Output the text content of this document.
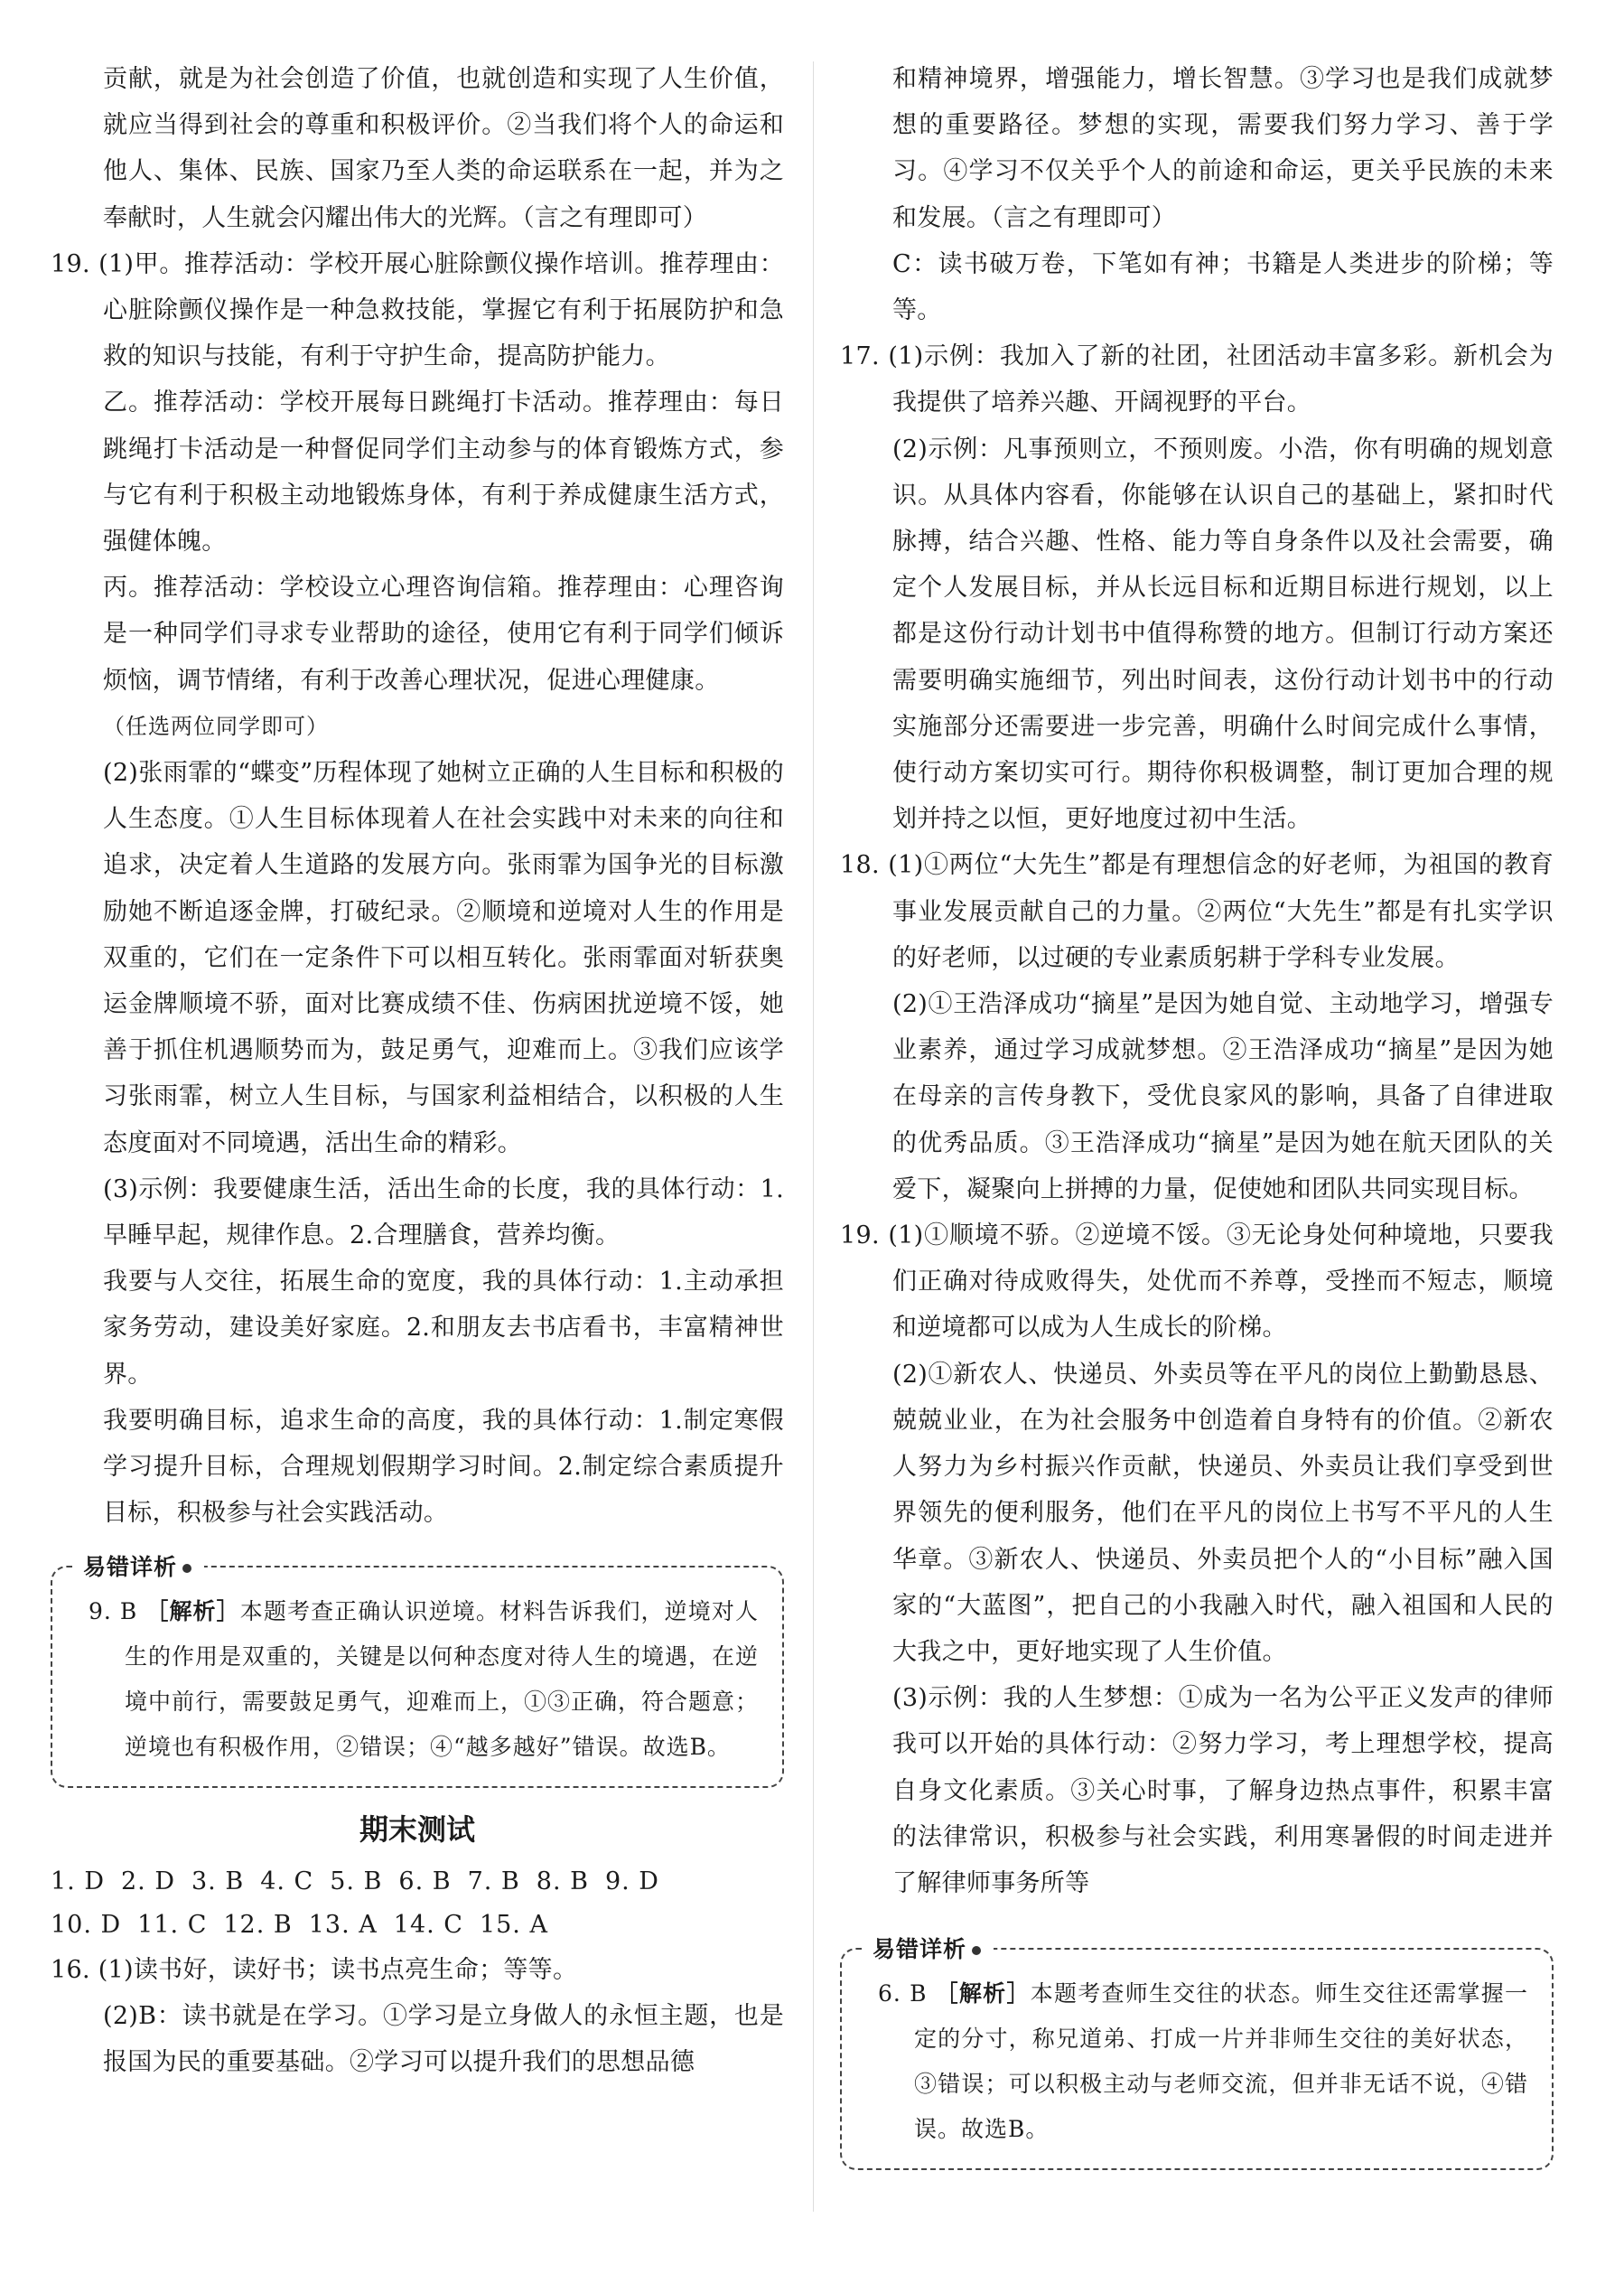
贡献，就是为社会创造了价值，也就创造和实现了人生价值，就应当得到社会的尊重和积极评价。②当我们将个人的命运和他人、集体、民族、国家乃至人类的命运联系在一起，并为之奉献时，人生就会闪耀出伟大的光辉。（言之有理即可）

19. (1)甲。推荐活动：学校开展心脏除颤仪操作培训。推荐理由：心脏除颤仪操作是一种急救技能，掌握它有利于拓展防护和急救的知识与技能，有利于守护生命，提高防护能力。

乙。推荐活动：学校开展每日跳绳打卡活动。推荐理由：每日跳绳打卡活动是一种督促同学们主动参与的体育锻炼方式，参与它有利于积极主动地锻炼身体，有利于养成健康生活方式，强健体魄。

丙。推荐活动：学校设立心理咨询信箱。推荐理由：心理咨询是一种同学们寻求专业帮助的途径，使用它有利于同学们倾诉烦恼，调节情绪，有利于改善心理状况，促进心理健康。

（任选两位同学即可）

(2)张雨霏的“蝶变”历程体现了她树立正确的人生目标和积极的人生态度。①人生目标体现着人在社会实践中对未来的向往和追求，决定着人生道路的发展方向。张雨霏为国争光的目标激励她不断追逐金牌，打破纪录。②顺境和逆境对人生的作用是双重的，它们在一定条件下可以相互转化。张雨霏面对斩获奥运金牌顺境不骄，面对比赛成绩不佳、伤病困扰逆境不馁，她善于抓住机遇顺势而为，鼓足勇气，迎难而上。③我们应该学习张雨霏，树立人生目标，与国家利益相结合，以积极的人生态度面对不同境遇，活出生命的精彩。

(3)示例：我要健康生活，活出生命的长度，我的具体行动：1.早睡早起，规律作息。2.合理膳食，营养均衡。

我要与人交往，拓展生命的宽度，我的具体行动：1.主动承担家务劳动，建设美好家庭。2.和朋友去书店看书，丰富精神世界。

我要明确目标，追求生命的高度，我的具体行动：1.制定寒假学习提升目标，合理规划假期学习时间。2.制定综合素质提升目标，积极参与社会实践活动。

易错详析

9. B ［解析］本题考查正确认识逆境。材料告诉我们，逆境对人生的作用是双重的，关键是以何种态度对待人生的境遇，在逆境中前行，需要鼓足勇气，迎难而上，①③正确，符合题意；逆境也有积极作用，②错误；④“越多越好”错误。故选B。

期末测试
1. D 2. D 3. B 4. C 5. B 6. B 7. B 8. B 9. D
10. D 11. C 12. B 13. A 14. C 15. A

16. (1)读书好，读好书；读书点亮生命；等等。

(2)B：读书就是在学习。①学习是立身做人的永恒主题，也是报国为民的重要基础。②学习可以提升我们的思想品德

和精神境界，增强能力，增长智慧。③学习也是我们成就梦想的重要路径。梦想的实现，需要我们努力学习、善于学习。④学习不仅关乎个人的前途和命运，更关乎民族的未来和发展。（言之有理即可）

C：读书破万卷，下笔如有神；书籍是人类进步的阶梯；等等。

17. (1)示例：我加入了新的社团，社团活动丰富多彩。新机会为我提供了培养兴趣、开阔视野的平台。

(2)示例：凡事预则立，不预则废。小浩，你有明确的规划意识。从具体内容看，你能够在认识自己的基础上，紧扣时代脉搏，结合兴趣、性格、能力等自身条件以及社会需要，确定个人发展目标，并从长远目标和近期目标进行规划，以上都是这份行动计划书中值得称赞的地方。但制订行动方案还需要明确实施细节，列出时间表，这份行动计划书中的行动实施部分还需要进一步完善，明确什么时间完成什么事情，使行动方案切实可行。期待你积极调整，制订更加合理的规划并持之以恒，更好地度过初中生活。

18. (1)①两位“大先生”都是有理想信念的好老师，为祖国的教育事业发展贡献自己的力量。②两位“大先生”都是有扎实学识的好老师，以过硬的专业素质躬耕于学科专业发展。

(2)①王浩泽成功“摘星”是因为她自觉、主动地学习，增强专业素养，通过学习成就梦想。②王浩泽成功“摘星”是因为她在母亲的言传身教下，受优良家风的影响，具备了自律进取的优秀品质。③王浩泽成功“摘星”是因为她在航天团队的关爱下，凝聚向上拼搏的力量，促使她和团队共同实现目标。

19. (1)①顺境不骄。②逆境不馁。③无论身处何种境地，只要我们正确对待成败得失，处优而不养尊，受挫而不短志，顺境和逆境都可以成为人生成长的阶梯。

(2)①新农人、快递员、外卖员等在平凡的岗位上勤勤恳恳、兢兢业业，在为社会服务中创造着自身特有的价值。②新农人努力为乡村振兴作贡献，快递员、外卖员让我们享受到世界领先的便利服务，他们在平凡的岗位上书写不平凡的人生华章。③新农人、快递员、外卖员把个人的“小目标”融入国家的“大蓝图”，把自己的小我融入时代，融入祖国和人民的大我之中，更好地实现了人生价值。

(3)示例：我的人生梦想：①成为一名为公平正义发声的律师我可以开始的具体行动：②努力学习，考上理想学校，提高自身文化素质。③关心时事，了解身边热点事件，积累丰富的法律常识，积极参与社会实践，利用寒暑假的时间走进并了解律师事务所等

易错详析

6. B ［解析］本题考查师生交往的状态。师生交往还需掌握一定的分寸，称兄道弟、打成一片并非师生交往的美好状态，③错误；可以积极主动与老师交流，但并非无话不说，④错误。故选B。
